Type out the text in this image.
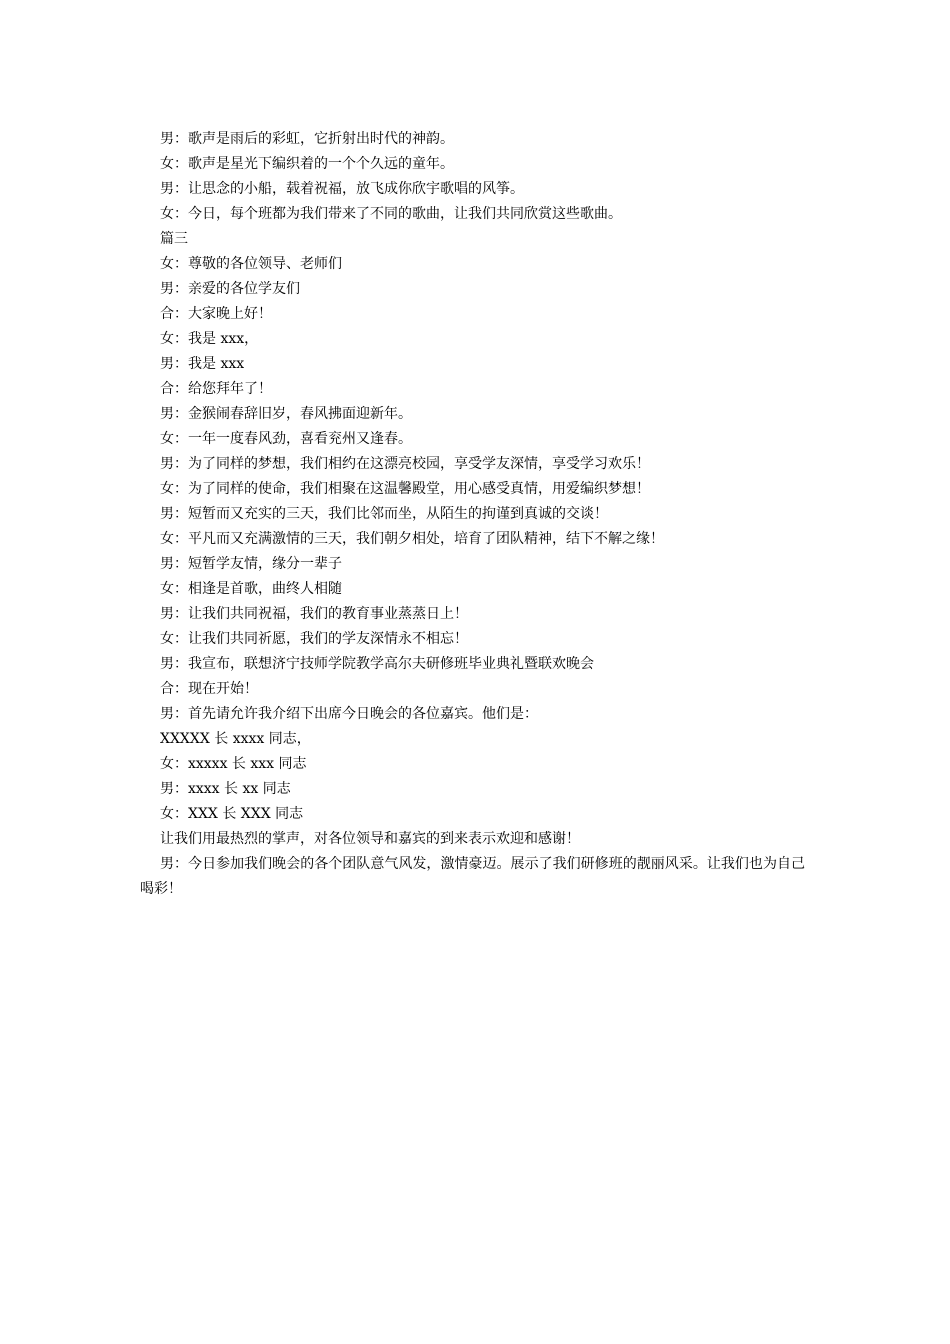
男：歌声是雨后的彩虹，它折射出时代的神韵。
女：歌声是星光下编织着的一个个久远的童年。
男：让思念的小船，载着祝福，放飞成你欣宇歌唱的风筝。
女：今日，每个班都为我们带来了不同的歌曲，让我们共同欣赏这些歌曲。
篇三
女：尊敬的各位领导、老师们
男：亲爱的各位学友们
合：大家晚上好！
女：我是 xxx，
男：我是 xxx
合：给您拜年了！
男：金猴闹春辞旧岁，春风拂面迎新年。
女：一年一度春风劲，喜看兖州又逢春。
男：为了同样的梦想，我们相约在这漂亮校园，享受学友深情，享受学习欢乐！
女：为了同样的使命，我们相聚在这温馨殿堂，用心感受真情，用爱编织梦想！
男：短暂而又充实的三天，我们比邻而坐，从陌生的拘谨到真诚的交谈！
女：平凡而又充满激情的三天，我们朝夕相处，培育了团队精神，结下不解之缘！
男：短暂学友情，缘分一辈子
女：相逢是首歌，曲终人相随
男：让我们共同祝福，我们的教育事业蒸蒸日上！
女：让我们共同祈愿，我们的学友深情永不相忘！
男：我宣布，联想济宁技师学院教学高尔夫研修班毕业典礼暨联欢晚会
合：现在开始！
男：首先请允许我介绍下出席今日晚会的各位嘉宾。他们是：
XXXXX 长 xxxx 同志，
女：xxxxx 长 xxx 同志
男：xxxx 长 xx 同志
女：XXX 长 XXX 同志
让我们用最热烈的掌声，对各位领导和嘉宾的到来表示欢迎和感谢！
男：今日参加我们晚会的各个团队意气风发，激情豪迈。展示了我们研修班的靓丽风采。让我们也为自己喝彩！
